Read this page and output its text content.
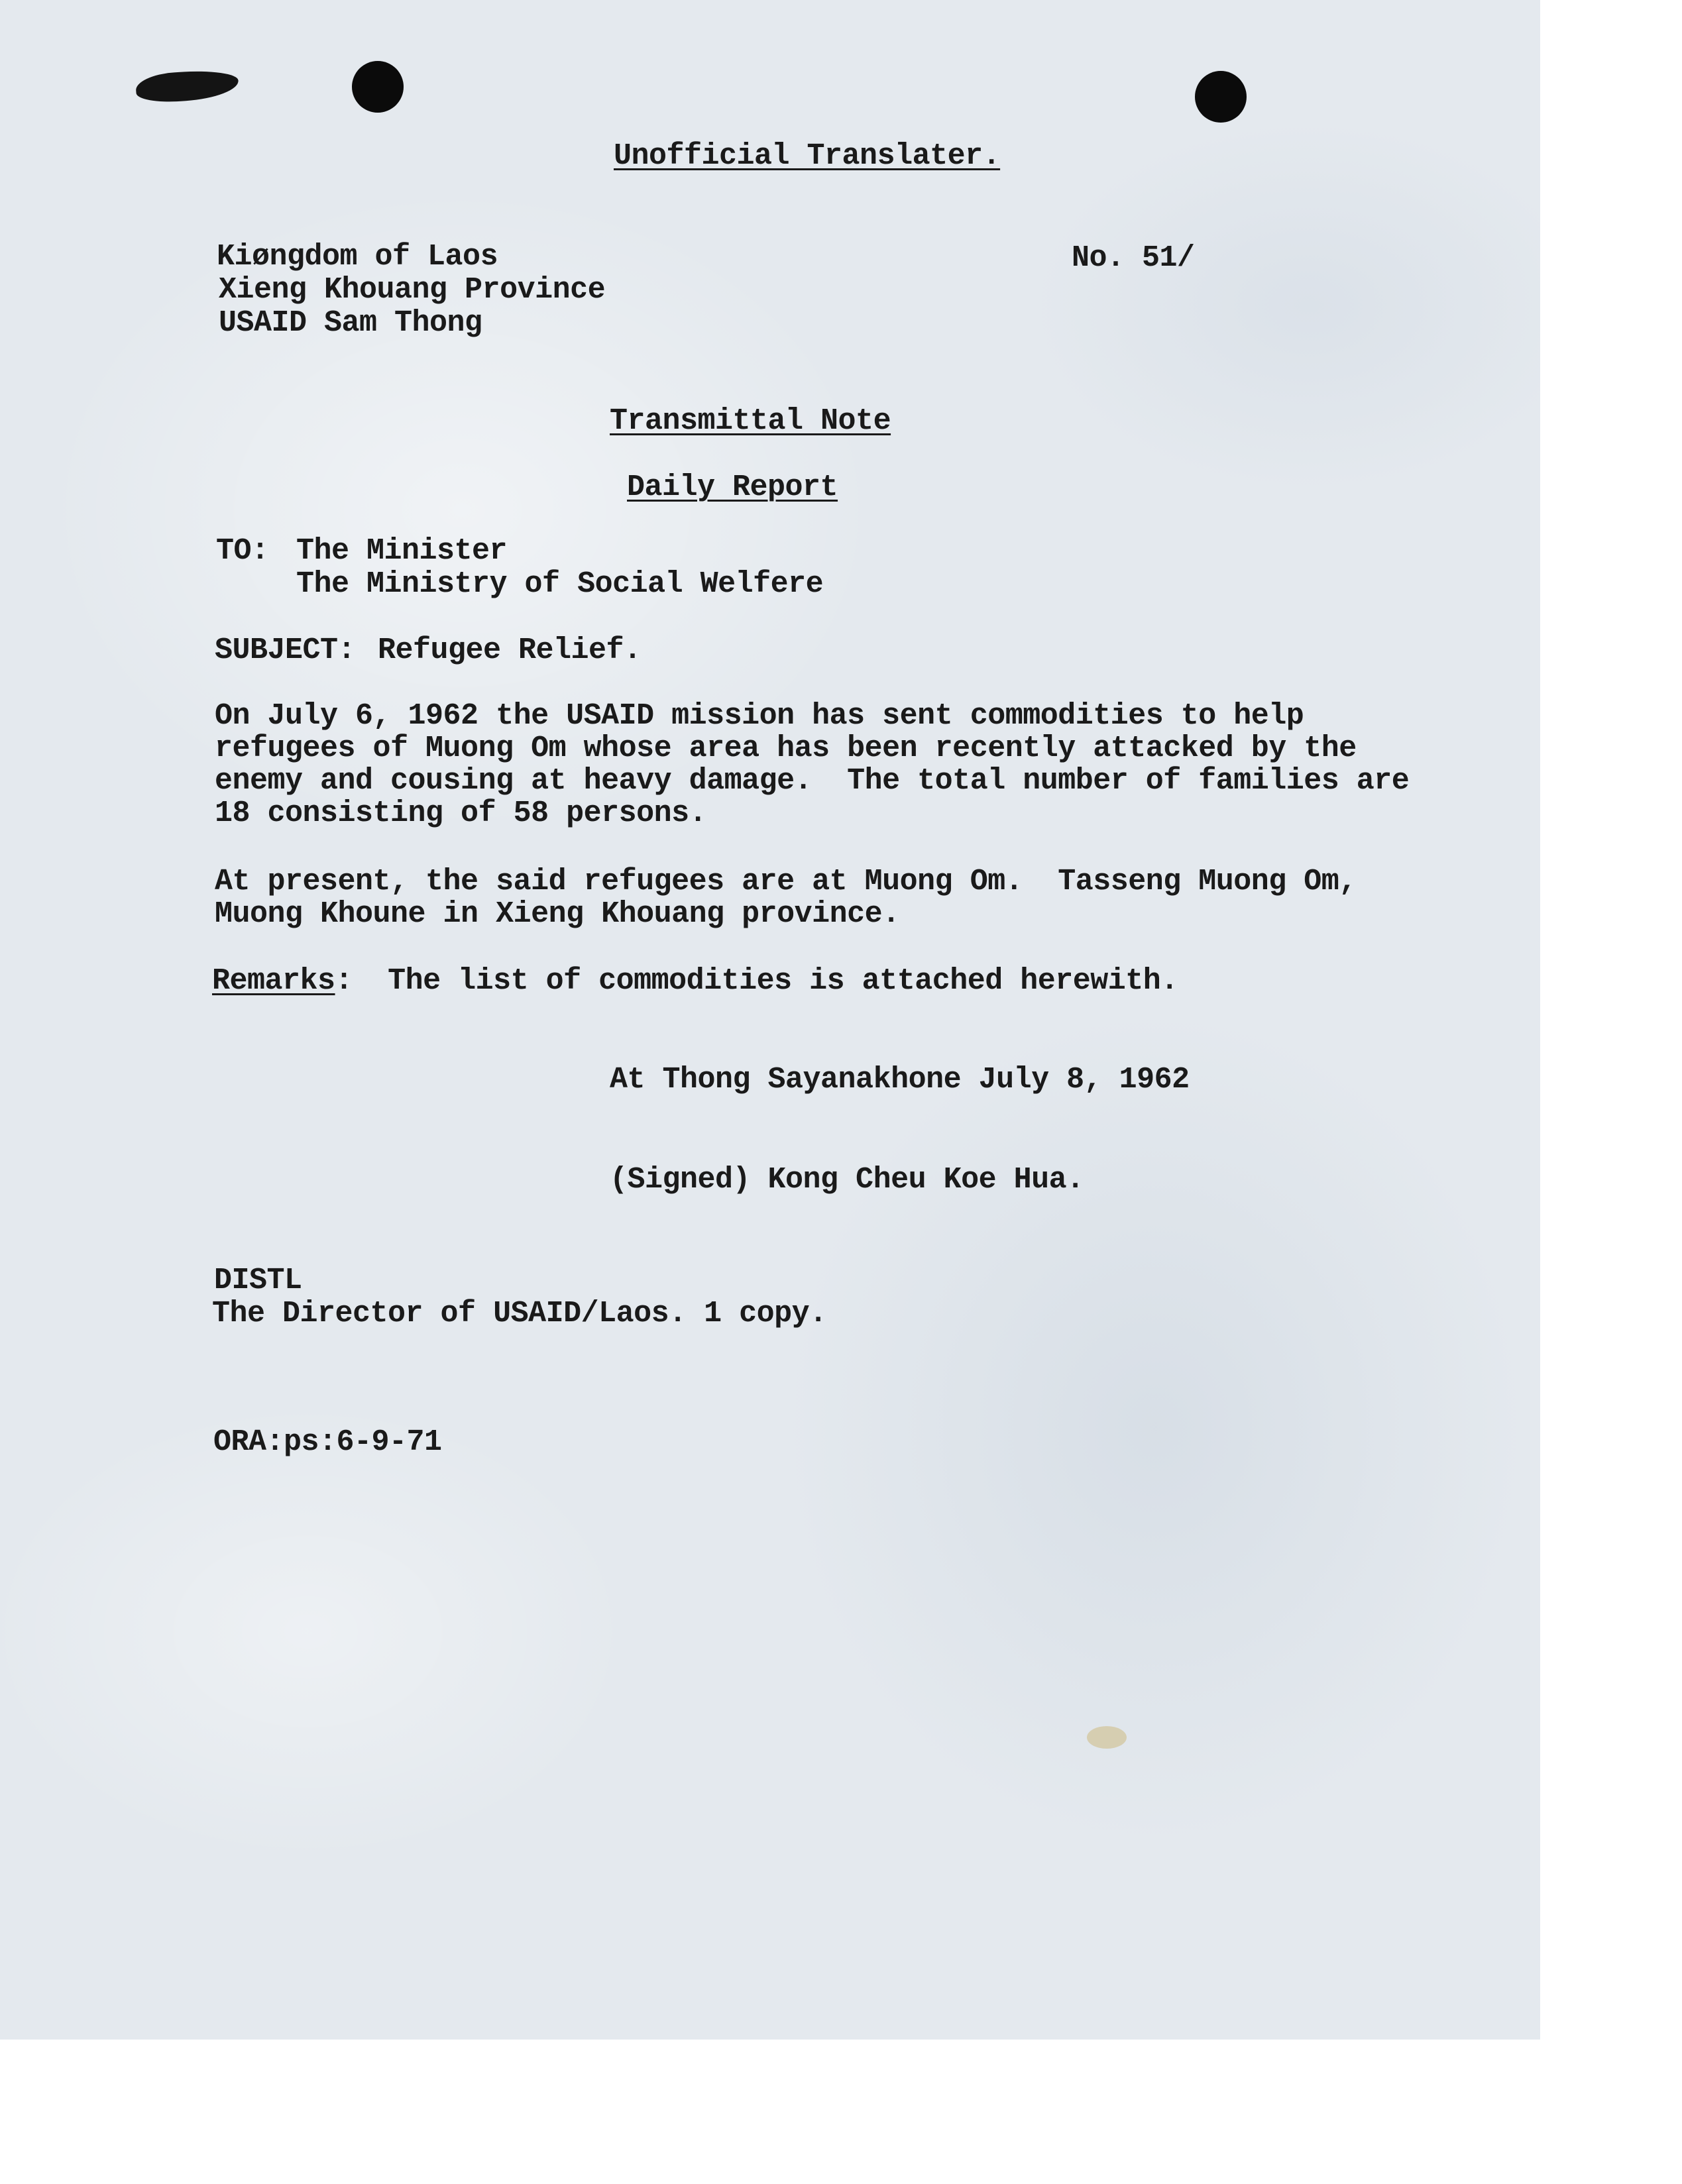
Unofficial Translater.

Kiøngdom of Laos

Xieng Khouang Province

USAID Sam Thong

No. 51/

Transmittal Note

Daily Report

TO: The Minister

The Ministry of Social Welfere

SUBJECT: Refugee Relief.

On July 6, 1962 the USAID mission has sent commodities to help

refugees of Muong Om whose area has been recently attacked by the

enemy and cousing at heavy damage.  The total number of families are

18 consisting of 58 persons.

At present, the said refugees are at Muong Om.  Tasseng Muong Om,

Muong Khoune in Xieng Khouang province.

Remarks: The list of commodities is attached herewith.

At Thong Sayanakhone July 8, 1962

(Signed) Kong Cheu Koe Hua.

DISTL

The Director of USAID/Laos. 1 copy.

ORA:ps:6-9-71
